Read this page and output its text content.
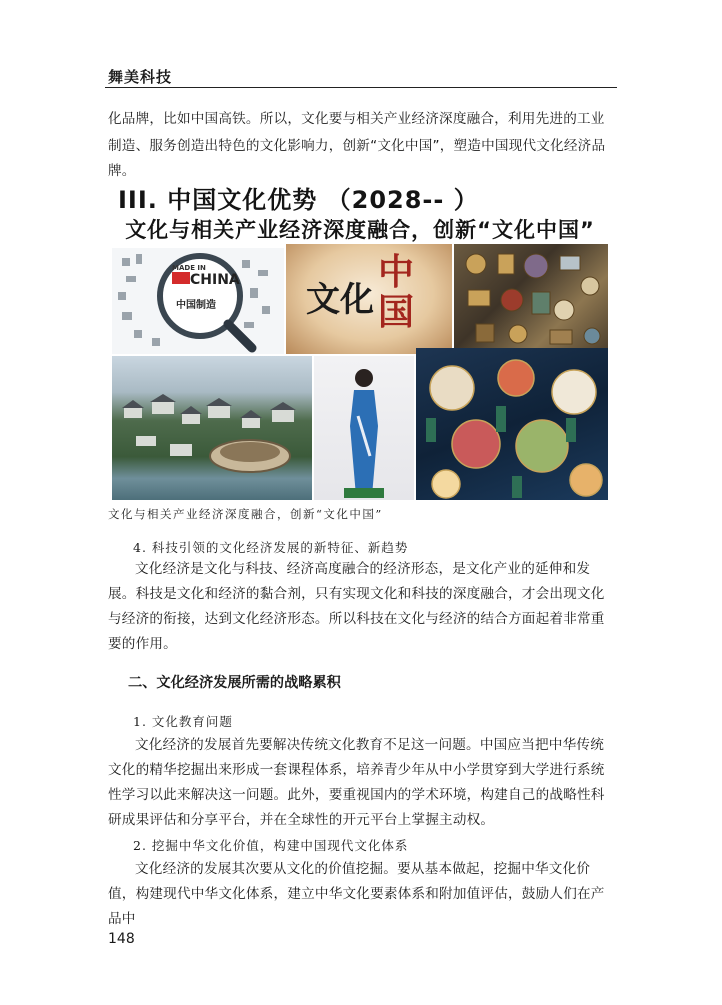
舞美科技
化品牌，比如中国高铁。所以，文化要与相关产业经济深度融合，利用先进的工业
制造、服务创造出特色的文化影响力，创新“文化中国”，塑造中国现代文化经济品牌。
III. 中国文化优势 （2028-- ）
文化与相关产业经济深度融合，创新“文化中国”
MADE IN
CHINA
中国制造	文化
中国
文化与相关产业经济深度融合，创新“文化中国”
4. 科技引领的文化经济发展的新特征、新趋势
文化经济是文化与科技、经济高度融合的经济形态，是文化产业的延伸和发展。科技是文化和经济的黏合剂，只有实现文化和科技的深度融合，才会出现文化与经济的衔接，达到文化经济形态。所以科技在文化与经济的结合方面起着非常重要的作用。
二、文化经济发展所需的战略累积
1. 文化教育问题
文化经济的发展首先要解决传统文化教育不足这一问题。中国应当把中华传统文化的精华挖掘出来形成一套课程体系，培养青少年从中小学贯穿到大学进行系统性学习以此来解决这一问题。此外，要重视国内的学术环境，构建自己的战略性科研成果评估和分享平台，并在全球性的开元平台上掌握主动权。
2. 挖掘中华文化价值，构建中国现代文化体系
文化经济的发展其次要从文化的价值挖掘。要从基本做起，挖掘中华文化价值，构建现代中华文化体系，建立中华文化要素体系和附加值评估，鼓励人们在产品中
148
